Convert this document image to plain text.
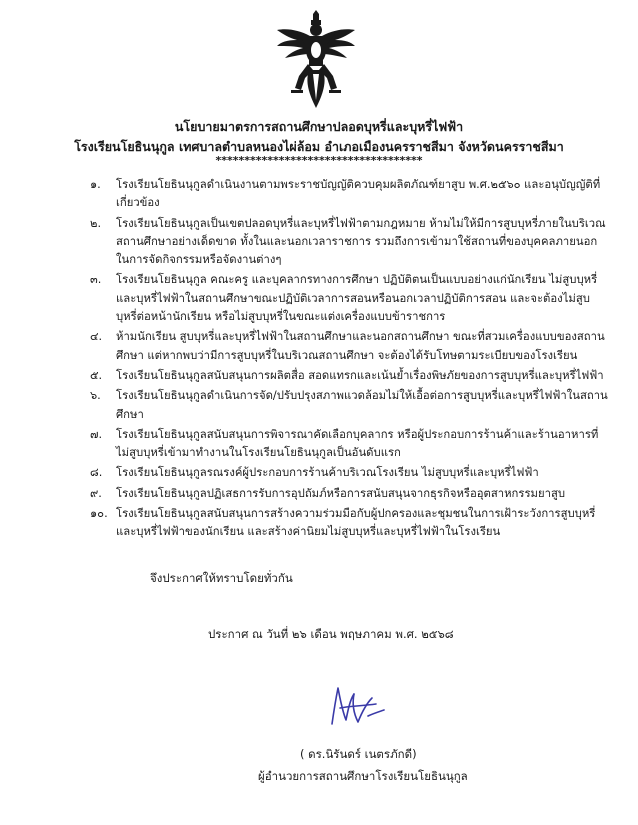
นโยบายมาตรการสถานศึกษาปลอดบุหรี่และบุหรี่ไฟฟ้า
โรงเรียนโยธินนุกูล เทศบาลตำบลหนองไผ่ล้อม อำเภอเมืองนครราชสีมา จังหวัดนครราชสีมา
************************************
๑.	โรงเรียนโยธินนุกูลดำเนินงานตามพระราชบัญญัติควบคุมผลิตภัณฑ์ยาสูบ พ.ศ.๒๕๖๐ และอนุบัญญัติที่เกี่ยวข้อง
๒.	โรงเรียนโยธินนุกูลเป็นเขตปลอดบุหรี่และบุหรี่ไฟฟ้าตามกฎหมาย ห้ามไม่ให้มีการสูบบุหรี่ภายในบริเวณสถานศึกษาอย่างเด็ดขาด ทั้งในและนอกเวลาราชการ รวมถึงการเข้ามาใช้สถานที่ของบุคคลภายนอกในการจัดกิจกรรมหรือจัดงานต่างๆ
๓.	โรงเรียนโยธินนุกูล คณะครู และบุคลากรทางการศึกษา ปฏิบัติตนเป็นแบบอย่างแก่นักเรียน ไม่สูบบุหรี่และบุหรี่ไฟฟ้าในสถานศึกษาขณะปฏิบัติเวลาการสอนหรือนอกเวลาปฏิบัติการสอน และจะต้องไม่สูบบุหรี่ต่อหน้านักเรียน หรือไม่สูบบุหรี่ในขณะแต่งเครื่องแบบข้าราชการ
๔.	ห้ามนักเรียน สูบบุหรี่และบุหรี่ไฟฟ้าในสถานศึกษาและนอกสถานศึกษา ขณะที่สวมเครื่องแบบของสถานศึกษา แต่หากพบว่ามีการสูบบุหรี่ในบริเวณสถานศึกษา จะต้องได้รับโทษตามระเบียบของโรงเรียน
๕.	โรงเรียนโยธินนุกูลสนับสนุนการผลิตสื่อ สอดแทรกและเน้นย้ำเรื่องพิษภัยของการสูบบุหรี่และบุหรี่ไฟฟ้า
๖.	โรงเรียนโยธินนุกูลดำเนินการจัด/ปรับปรุงสภาพแวดล้อมไม่ให้เอื้อต่อการสูบบุหรี่และบุหรี่ไฟฟ้าในสถานศึกษา
๗.	โรงเรียนโยธินนุกูลสนับสนุนการพิจารณาคัดเลือกบุคลากร หรือผู้ประกอบการร้านค้าและร้านอาหารที่ไม่สูบบุหรี่เข้ามาทำงานในโรงเรียนโยธินนุกูลเป็นอันดับแรก
๘.	โรงเรียนโยธินนุกูลรณรงค์ผู้ประกอบการร้านค้าบริเวณโรงเรียน ไม่สูบบุหรี่และบุหรี่ไฟฟ้า
๙.	โรงเรียนโยธินนุกูลปฏิเสธการรับการอุปถัมภ์หรือการสนับสนุนจากธุรกิจหรืออุตสาหกรรมยาสูบ
๑๐. โรงเรียนโยธินนุกูลสนับสนุนการสร้างความร่วมมือกับผู้ปกครองและชุมชนในการเฝ้าระวังการสูบบุหรี่และบุหรี่ไฟฟ้าของนักเรียน และสร้างค่านิยมไม่สูบบุหรี่และบุหรี่ไฟฟ้าในโรงเรียน
จึงประกาศให้ทราบโดยทั่วกัน
ประกาศ ณ วันที่ ๒๖ เดือน พฤษภาคม พ.ศ. ๒๕๖๘
( ดร.นิรันดร์ เนตรภักดี)
ผู้อำนวยการสถานศึกษาโรงเรียนโยธินนุกูล
